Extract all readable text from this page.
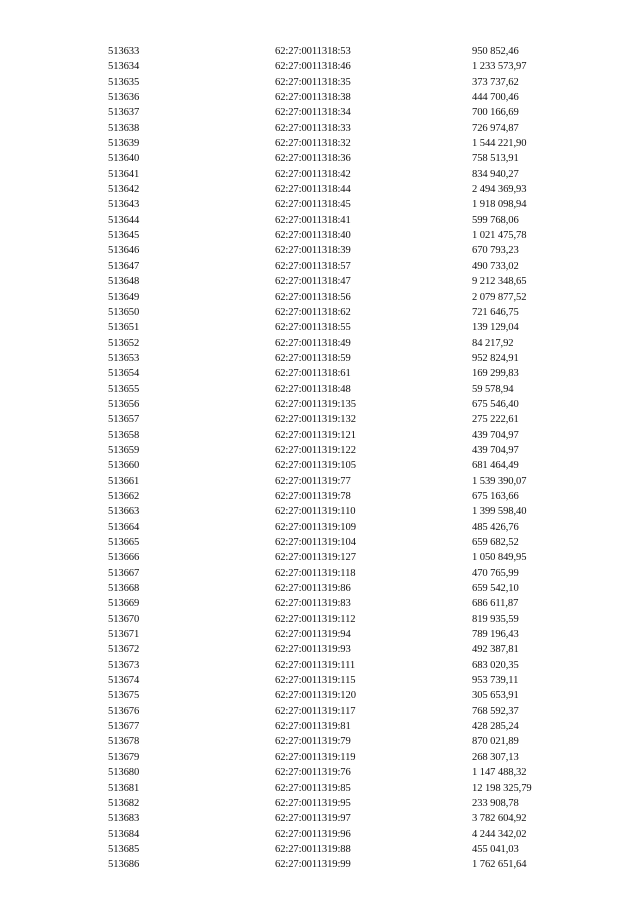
513633	62:27:0011318:53	950 852,46
513634	62:27:0011318:46	1 233 573,97
513635	62:27:0011318:35	373 737,62
513636	62:27:0011318:38	444 700,46
513637	62:27:0011318:34	700 166,69
513638	62:27:0011318:33	726 974,87
513639	62:27:0011318:32	1 544 221,90
513640	62:27:0011318:36	758 513,91
513641	62:27:0011318:42	834 940,27
513642	62:27:0011318:44	2 494 369,93
513643	62:27:0011318:45	1 918 098,94
513644	62:27:0011318:41	599 768,06
513645	62:27:0011318:40	1 021 475,78
513646	62:27:0011318:39	670 793,23
513647	62:27:0011318:57	490 733,02
513648	62:27:0011318:47	9 212 348,65
513649	62:27:0011318:56	2 079 877,52
513650	62:27:0011318:62	721 646,75
513651	62:27:0011318:55	139 129,04
513652	62:27:0011318:49	84 217,92
513653	62:27:0011318:59	952 824,91
513654	62:27:0011318:61	169 299,83
513655	62:27:0011318:48	59 578,94
513656	62:27:0011319:135	675 546,40
513657	62:27:0011319:132	275 222,61
513658	62:27:0011319:121	439 704,97
513659	62:27:0011319:122	439 704,97
513660	62:27:0011319:105	681 464,49
513661	62:27:0011319:77	1 539 390,07
513662	62:27:0011319:78	675 163,66
513663	62:27:0011319:110	1 399 598,40
513664	62:27:0011319:109	485 426,76
513665	62:27:0011319:104	659 682,52
513666	62:27:0011319:127	1 050 849,95
513667	62:27:0011319:118	470 765,99
513668	62:27:0011319:86	659 542,10
513669	62:27:0011319:83	686 611,87
513670	62:27:0011319:112	819 935,59
513671	62:27:0011319:94	789 196,43
513672	62:27:0011319:93	492 387,81
513673	62:27:0011319:111	683 020,35
513674	62:27:0011319:115	953 739,11
513675	62:27:0011319:120	305 653,91
513676	62:27:0011319:117	768 592,37
513677	62:27:0011319:81	428 285,24
513678	62:27:0011319:79	870 021,89
513679	62:27:0011319:119	268 307,13
513680	62:27:0011319:76	1 147 488,32
513681	62:27:0011319:85	12 198 325,79
513682	62:27:0011319:95	233 908,78
513683	62:27:0011319:97	3 782 604,92
513684	62:27:0011319:96	4 244 342,02
513685	62:27:0011319:88	455 041,03
513686	62:27:0011319:99	1 762 651,64
